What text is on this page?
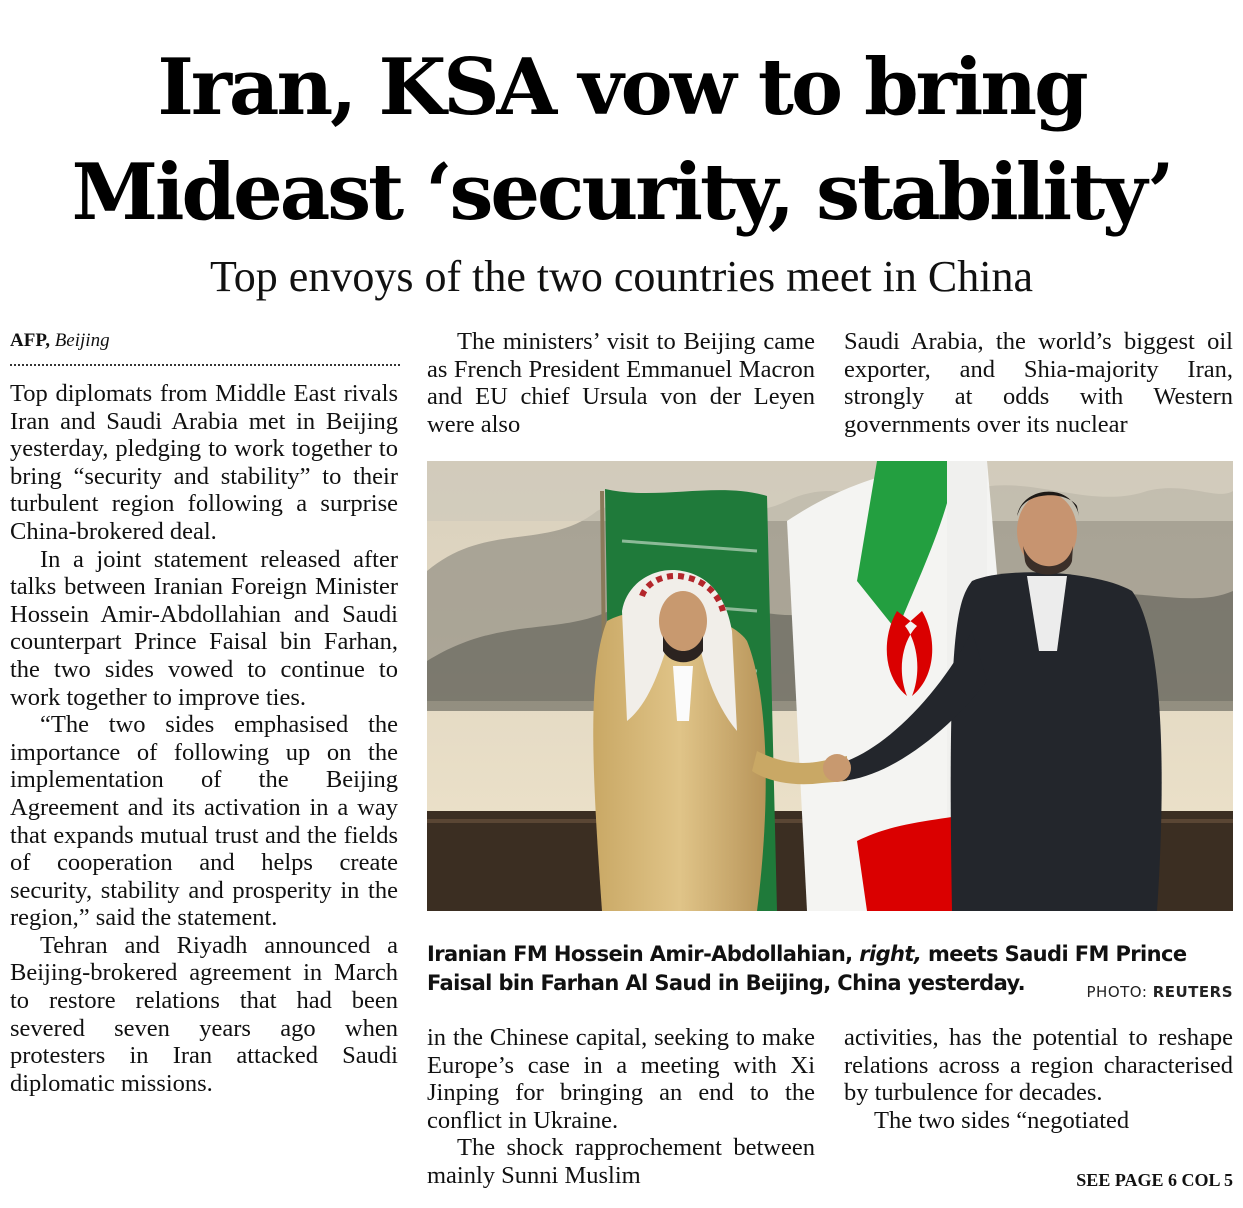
Iran, KSA vow to bring
Mideast ‘security, stability’
Top envoys of the two countries meet in China
AFP, Beijing

Top diplomats from Middle East rivals Iran and Saudi Arabia met in Beijing yesterday, pledging to work together to bring “security and stability” to their turbulent region following a surprise China-brokered deal.

In a joint statement released after talks between Iranian Foreign Minister Hossein Amir-Abdollahian and Saudi counterpart Prince Faisal bin Farhan, the two sides vowed to continue to work together to improve ties.

“The two sides emphasised the importance of following up on the implementation of the Beijing Agreement and its activation in a way that expands mutual trust and the fields of cooperation and helps create security, stability and prosperity in the region,” said the statement.

Tehran and Riyadh announced a Beijing-brokered agreement in March to restore relations that had been severed seven years ago when protesters in Iran attacked Saudi diplomatic missions.

The ministers’ visit to Beijing came as French President Emmanuel Macron and EU chief Ursula von der Leyen were also

Saudi Arabia, the world’s biggest oil exporter, and Shia-majority Iran, strongly at odds with Western governments over its nuclear

Iranian FM Hossein Amir-Abdollahian, right, meets Saudi FM Prince Faisal bin Farhan Al Saud in Beijing, China yesterday.	PHOTO: REUTERS

in the Chinese capital, seeking to make Europe’s case in a meeting with Xi Jinping for bringing an end to the conflict in Ukraine.

The shock rapprochement between mainly Sunni Muslim

activities, has the potential to reshape relations across a region characterised by turbulence for decades.

The two sides “negotiated

SEE PAGE 6 COL 5
